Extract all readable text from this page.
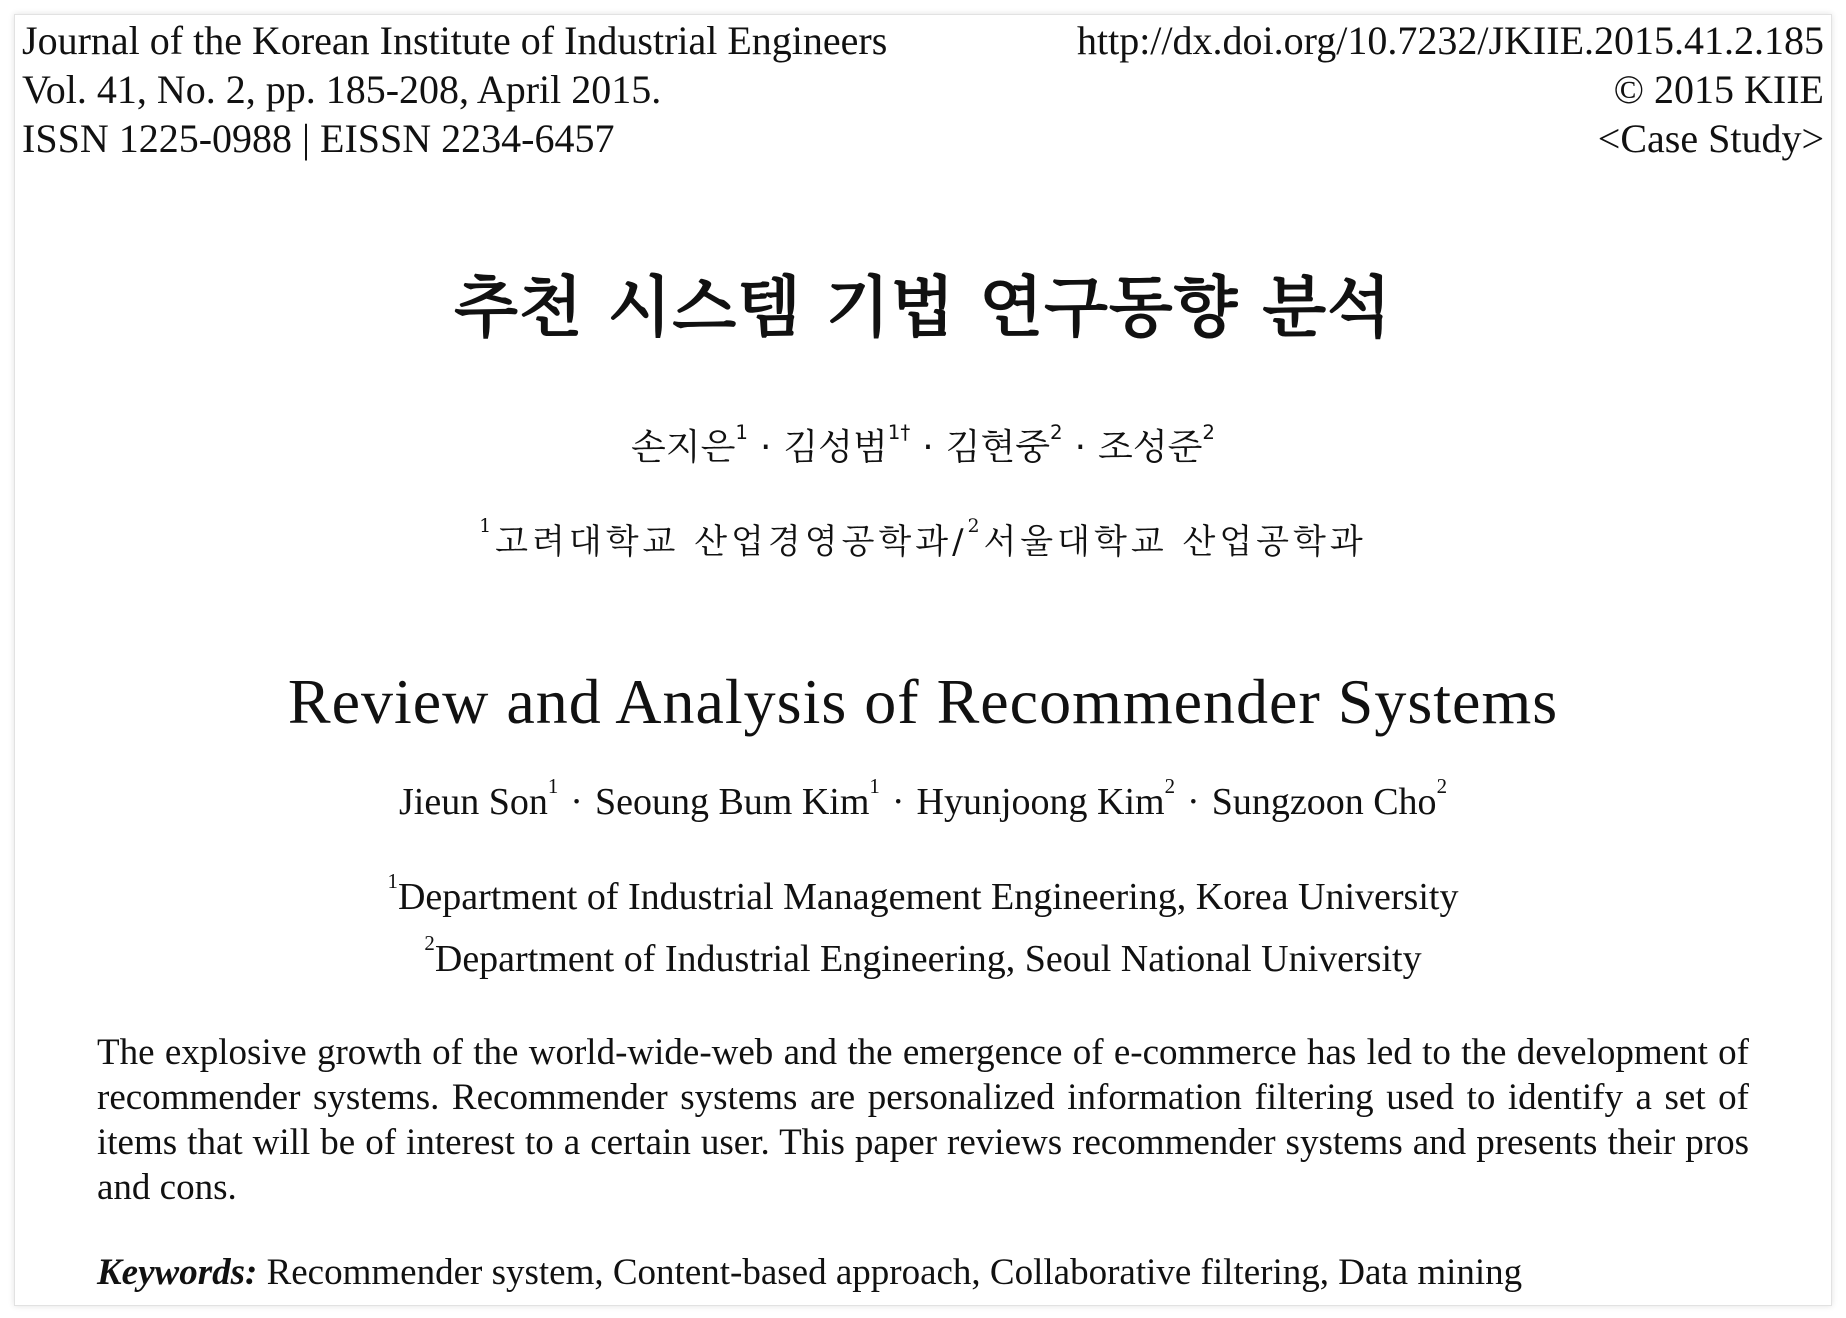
Journal of the Korean Institute of Industrial Engineers
Vol. 41, No. 2, pp. 185-208, April 2015.
ISSN 1225-0988 | EISSN 2234-6457
http://dx.doi.org/10.7232/JKIIE.2015.41.2.185
© 2015 KIIE
<Case Study>
추천 시스템 기법 연구동향 분석
손지은$^1$ · 김성범$^{1\dagger}$ · 김현중$^2$ · 조성준$^2$
$^1$고려대학교 산업경영공학과/$^2$서울대학교 산업공학과
Review and Analysis of Recommender Systems
Jieun Son$^1$ · Seoung Bum Kim$^1$ · Hyunjoong Kim$^2$ · Sungzoon Cho$^2$
$^1$Department of Industrial Management Engineering, Korea University
$^2$Department of Industrial Engineering, Seoul National University
The explosive growth of the world-wide-web and the emergence of e-commerce has led to the development of
recommender systems. Recommender systems are personalized information filtering used to identify a set of
items that will be of interest to a certain user. This paper reviews recommender systems and presents their pros
and cons.
Keywords: Recommender system, Content-based approach, Collaborative filtering, Data mining
